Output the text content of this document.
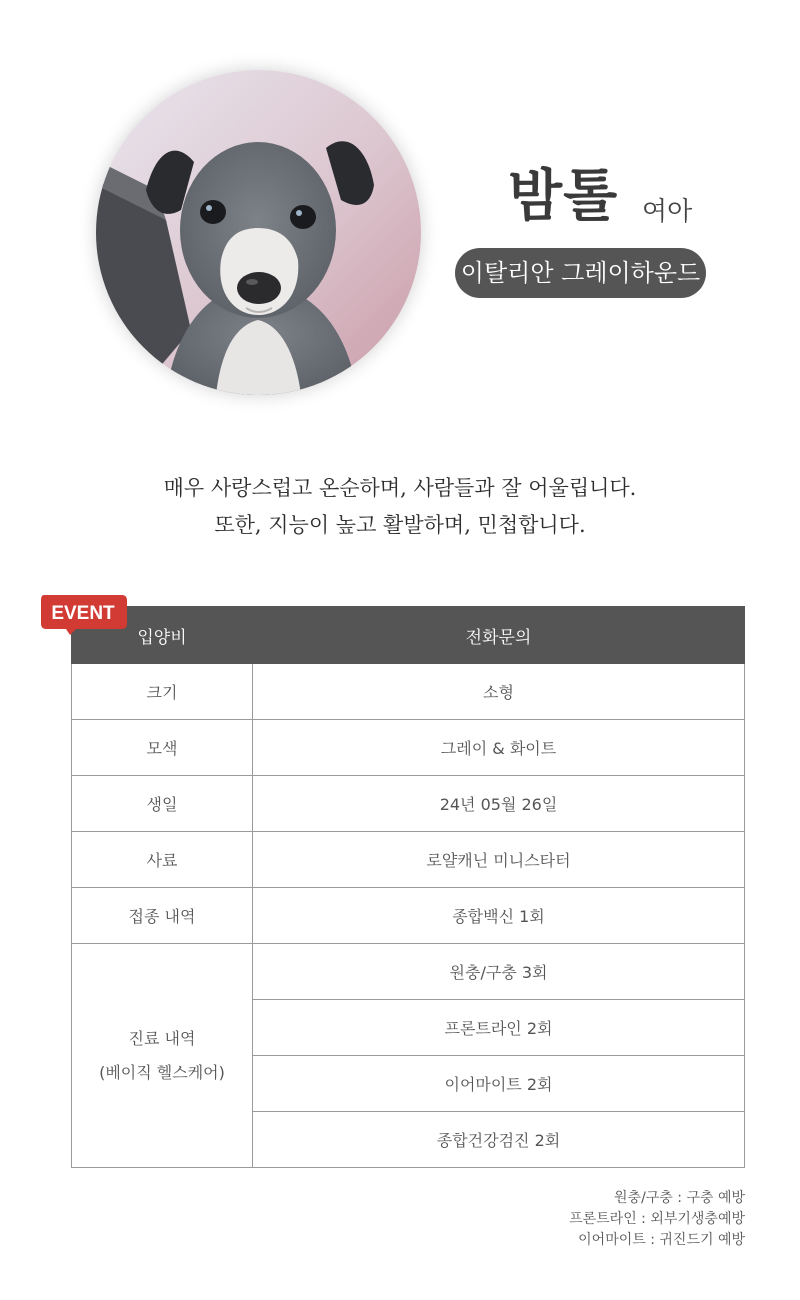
밤톨 여아
이탈리안 그레이하운드
매우 사랑스럽고 온순하며, 사람들과 잘 어울립니다.
또한, 지능이 높고 활발하며, 민첩합니다.
입양비	전화문의
크기	소형
모색	그레이 & 화이트
생일	24년 05월 26일
사료	로얄캐닌 미니스타터
접종 내역	종합백신 1회

진료 내역
(베이직 헬스케어)	원충/구충 3회
	프론트라인 2회
	이어마이트 2회
	종합건강검진 2회
EVENT
원충/구충 : 구충 예방
프론트라인 : 외부기생충예방
이어마이트 : 귀진드기 예방
